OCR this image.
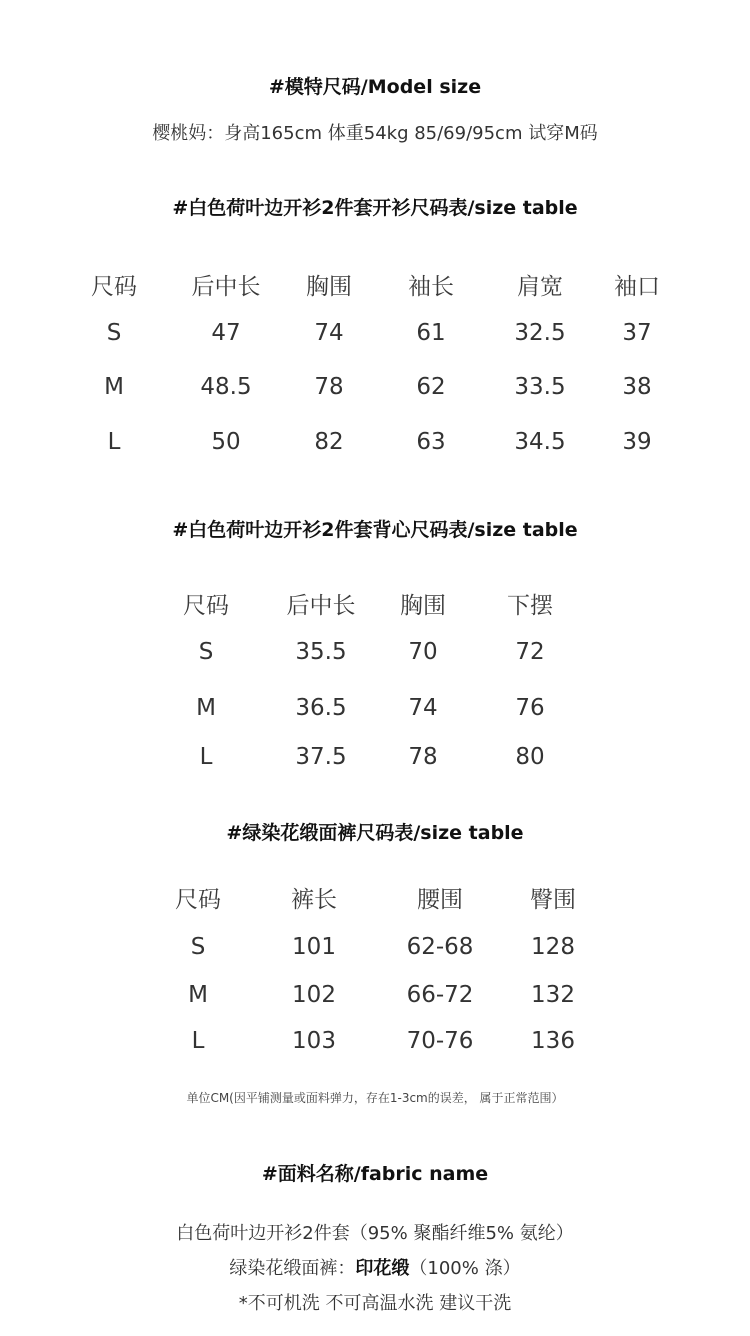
#模特尺码/Model size
樱桃妈：身高165cm 体重54kg 85/69/95cm 试穿M码
#白色荷叶边开衫2件套开衫尺码表/size table
尺码 后中长 胸围 袖长	肩宽 袖口
S	47	74	61	32.5 37
M	48.5	78	62	33.5 38
L	50	82	63	34.5 39
#白色荷叶边开衫2件套背心尺码表/size table
尺码	后中长 胸围	下摆
S	35.5	70	72
M	36.5	74	76
L	37.5	78	80
#绿染花缎面裤尺码表/size table
尺码	裤长	腰围	臀围
S	101	62-68	128
M	102	66-72	132
L	103	70-76	136
单位CM(因平铺测量或面料弹力，存在1-3cm的误差， 属于正常范围）
#面料名称/fabric name
白色荷叶边开衫2件套（95% 聚酯纤维5% 氨纶）
绿染花缎面裤：印花缎（100% 涤）
*不可机洗 不可高温水洗 建议干洗
